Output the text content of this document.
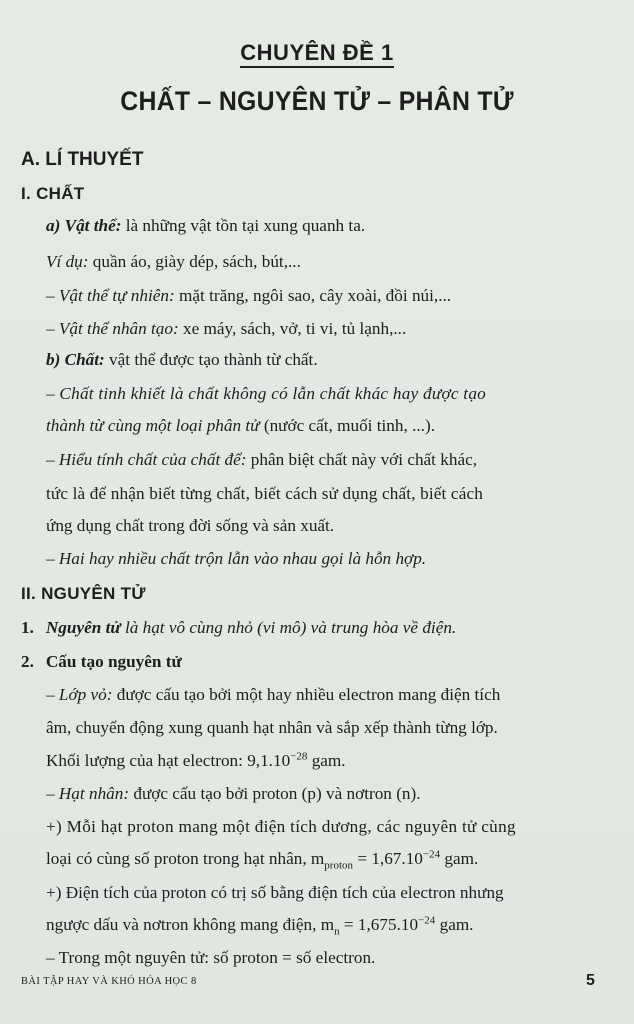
CHUYÊN ĐỀ 1
CHẤT – NGUYÊN TỬ – PHÂN TỬ
A. LÍ THUYẾT
I. CHẤT
a) Vật thể: là những vật tồn tại xung quanh ta.
Ví dụ: quần áo, giày dép, sách, bút,...
– Vật thể tự nhiên: mặt trăng, ngôi sao, cây xoài, đồi núi,...
– Vật thể nhân tạo: xe máy, sách, vở, ti vi, tủ lạnh,...
b) Chất: vật thể được tạo thành từ chất.
– Chất tinh khiết là chất không có lẫn chất khác hay được tạo
thành từ cùng một loại phân tử (nước cất, muối tinh, ...).
– Hiểu tính chất của chất để: phân biệt chất này với chất khác,
tức là để nhận biết từng chất, biết cách sử dụng chất, biết cách
ứng dụng chất trong đời sống và sản xuất.
– Hai hay nhiều chất trộn lẫn vào nhau gọi là hỗn hợp.
II. NGUYÊN TỬ
1. Nguyên tử là hạt vô cùng nhỏ (vi mô) và trung hòa về điện.
2. Cấu tạo nguyên tử
– Lớp vỏ: được cấu tạo bởi một hay nhiều electron mang điện tích
âm, chuyển động xung quanh hạt nhân và sắp xếp thành từng lớp.
Khối lượng của hạt electron: $9,1.10^{-28}$ gam.
– Hạt nhân: được cấu tạo bởi proton (p) và nơtron (n).
+) Mỗi hạt proton mang một điện tích dương, các nguyên tử cùng
loại có cùng số proton trong hạt nhân, $m_{proton} = 1,67.10^{-24}$ gam.
+) Điện tích của proton có trị số bằng điện tích của electron nhưng
ngược dấu và nơtron không mang điện, $m_n = 1,675.10^{-24}$ gam.
– Trong một nguyên tử: số proton = số electron.
BÀI TẬP HAY VÀ KHÓ HÓA HỌC 8	5
